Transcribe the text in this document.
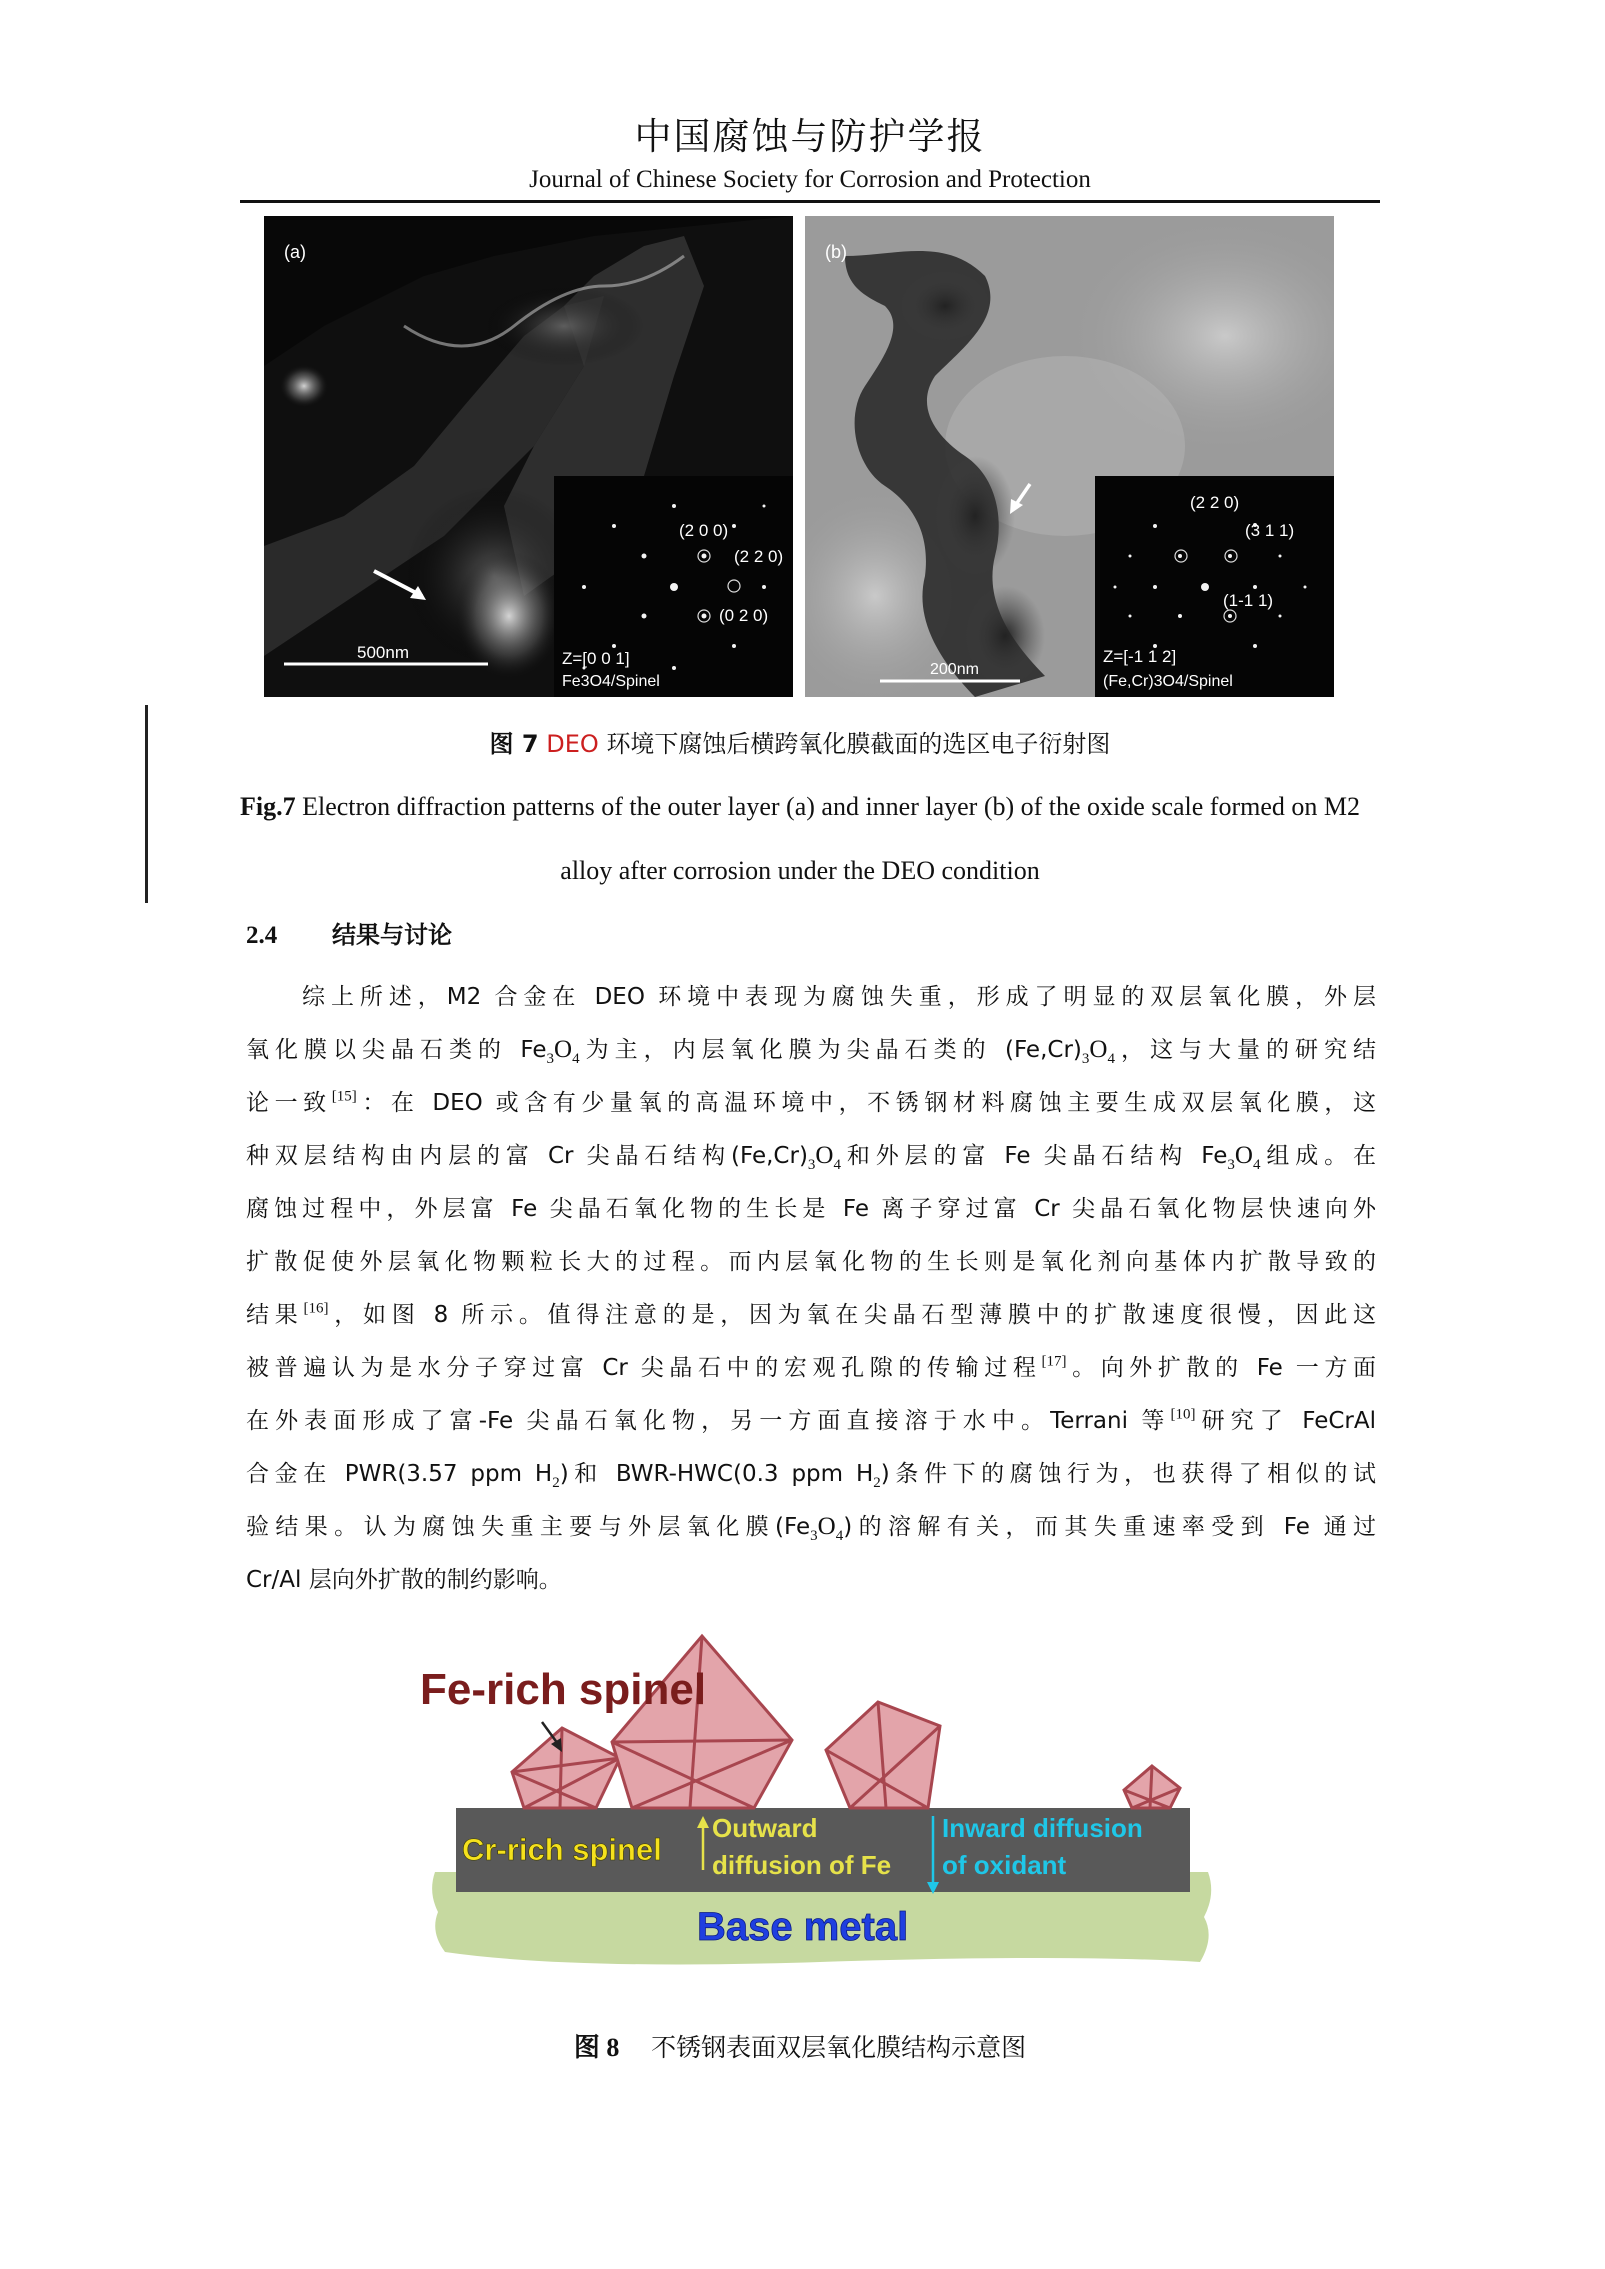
中国腐蚀与防护学报
Journal of Chinese Society for Corrosion and Protection
(a)
500nm
(2 0 0)
(2 2 0)
(0 2 0)
Z=[0 0 1]
Fe3O4/Spinel
(b)
200nm
(2 2 0)
(3 1 1)
(1-1 1)
Z=[-1 1 2]
(Fe,Cr)3O4/Spinel
图 7 DEO 环境下腐蚀后横跨氧化膜截面的选区电子衍射图
Fig.7 Electron diffraction patterns of the outer layer (a) and inner layer (b) of the oxide scale formed on M2
alloy after corrosion under the DEO condition
2.4 结果与讨论
综上所述，M2 合金在 DEO 环境中表现为腐蚀失重，形成了明显的双层氧化膜，外层
氧化膜以尖晶石类的 $Fe_3O_4$为主，内层氧化膜为尖晶石类的 $(Fe,Cr)_3O_4$，这与大量的研究结
论一致[15]：在 DEO 或含有少量氧的高温环境中，不锈钢材料腐蚀主要生成双层氧化膜，这
种双层结构由内层的富 Cr 尖晶石结构$(Fe,Cr)_3O_4$和外层的富 Fe 尖晶石结构 $Fe_3O_4$组成。在
腐蚀过程中，外层富 Fe 尖晶石氧化物的生长是 Fe 离子穿过富 Cr 尖晶石氧化物层快速向外
扩散促使外层氧化物颗粒长大的过程。而内层氧化物的生长则是氧化剂向基体内扩散导致的
结果[16]，如图 8 所示。值得注意的是，因为氧在尖晶石型薄膜中的扩散速度很慢，因此这
被普遍认为是水分子穿过富 Cr 尖晶石中的宏观孔隙的传输过程[17]。向外扩散的 Fe 一方面
在外表面形成了富-Fe 尖晶石氧化物，另一方面直接溶于水中。Terrani 等[10]研究了 FeCrAl
合金在 PWR(3.57 ppm $H_2$)和 BWR-HWC(0.3 ppm $H_2$)条件下的腐蚀行为，也获得了相似的试
验结果。认为腐蚀失重主要与外层氧化膜$(Fe_3O_4)$的溶解有关，而其失重速率受到 Fe 通过
Cr/Al 层向外扩散的制约影响。
Fe-rich spinel
Cr-rich spinel
Outward
diffusion of Fe
Inward diffusion
of oxidant
Base metal
图 8 不锈钢表面双层氧化膜结构示意图
